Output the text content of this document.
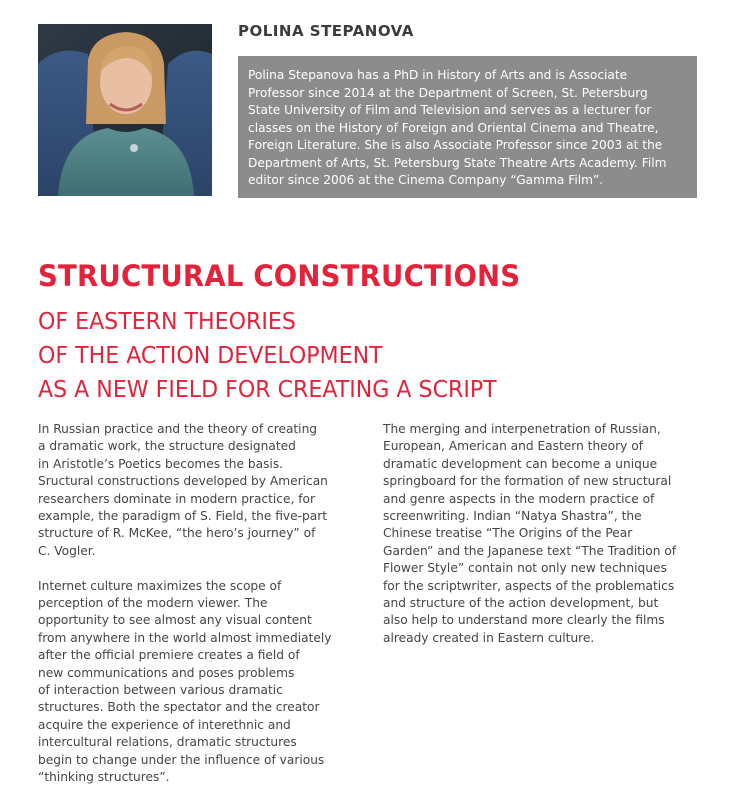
POLINA STEPANOVA
Polina Stepanova has a PhD in History of Arts and is Associate
Professor since 2014 at the Department of Screen, St. Petersburg
State University of Film and Television and serves as a lecturer for
classes on the History of Foreign and Oriental Cinema and Theatre,
Foreign Literature. She is also Associate Professor since 2003 at the
Department of Arts, St. Petersburg State Theatre Arts Academy. Film
editor since 2006 at the Cinema Company “Gamma Film”.
STRUCTURAL CONSTRUCTIONS
OF EASTERN THEORIES
OF THE ACTION DEVELOPMENT
AS A NEW FIELD FOR CREATING A SCRIPT

In Russian practice and the theory of creating
a dramatic work, the structure designated
in Aristotle’s Poetics becomes the basis.
Sructural constructions developed by American
researchers dominate in modern practice, for
example, the paradigm of S. Field, the five-part
structure of R. McKee, “the hero’s journey” of
C. Vogler.

Internet culture maximizes the scope of
perception of the modern viewer. The
opportunity to see almost any visual content
from anywhere in the world almost immediately
after the official premiere creates a field of
new communications and poses problems
of interaction between various dramatic
structures. Both the spectator and the creator
acquire the experience of interethnic and
intercultural relations, dramatic structures
begin to change under the influence of various
“thinking structures”.

The merging and interpenetration of Russian,
European, American and Eastern theory of
dramatic development can become a unique
springboard for the formation of new structural
and genre aspects in the modern practice of
screenwriting. Indian “Natya Shastra”, the
Chinese treatise “The Origins of the Pear
Garden” and the Japanese text “The Tradition of
Flower Style” contain not only new techniques
for the scriptwriter, aspects of the problematics
and structure of the action development, but
also help to understand more clearly the films
already created in Eastern culture.
